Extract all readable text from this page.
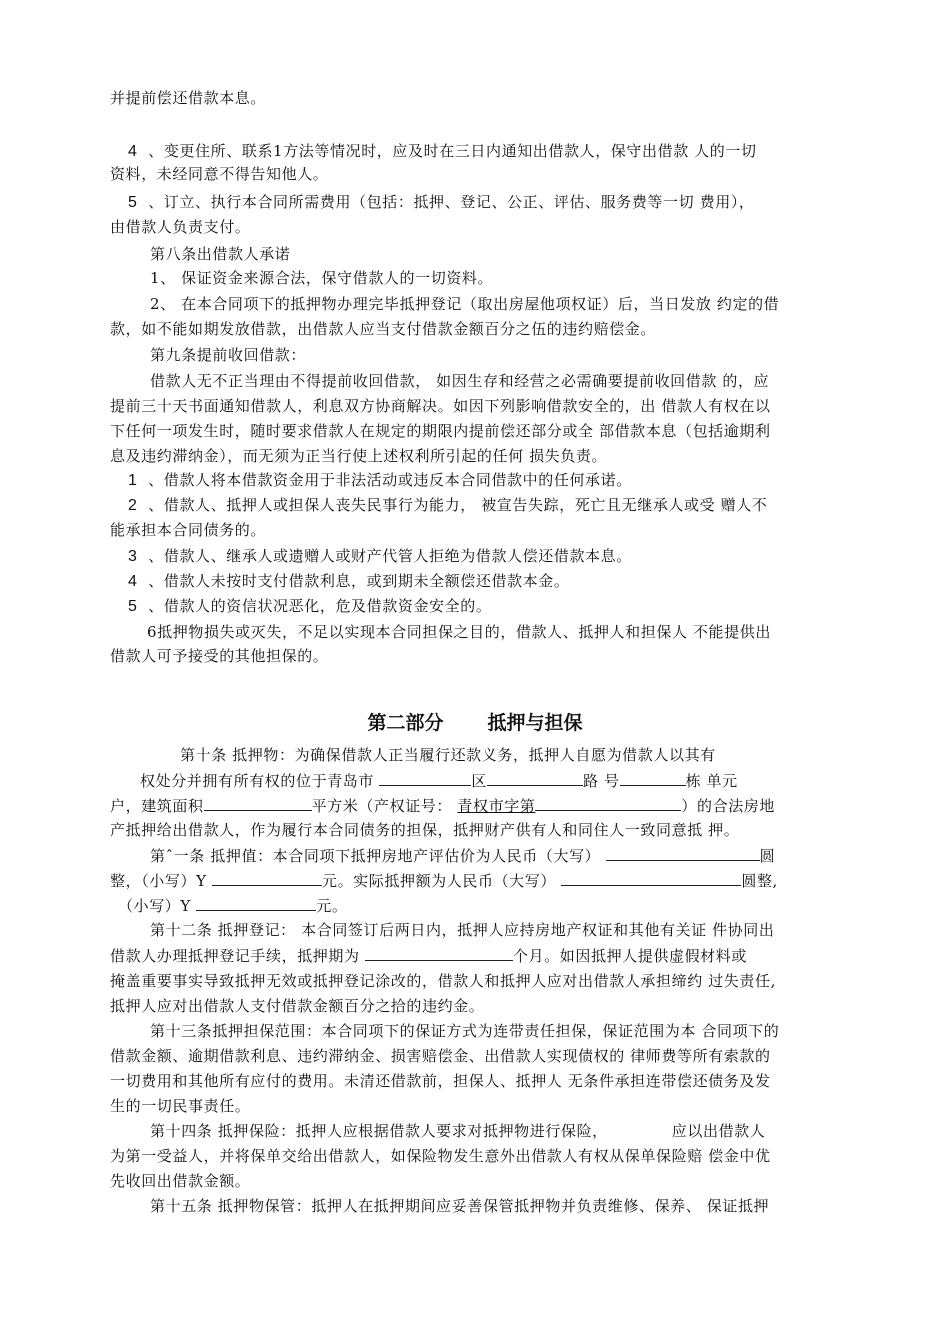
并提前偿还借款本息。
4 、变更住所、联系1方法等情况时，应及时在三日内通知出借款人，保守出借款 人的一切
资料，未经同意不得告知他人。
5 、订立、执行本合同所需费用（包括：抵押、登记、公正、评估、服务费等一切 费用），
由借款人负责支付。
第八条出借款人承诺
1、 保证资金来源合法，保守借款人的一切资料。
2、 在本合同项下的抵押物办理完毕抵押登记（取出房屋他项权证）后，当日发放 约定的借
款，如不能如期发放借款，出借款人应当支付借款金额百分之伍的违约赔偿金。
第九条提前收回借款：
借款人无不正当理由不得提前收回借款， 如因生存和经营之必需确要提前收回借款 的，应
提前三十天书面通知借款人，利息双方协商解决。如因下列影响借款安全的，出 借款人有权在以
下任何一项发生时，随时要求借款人在规定的期限内提前偿还部分或全 部借款本息（包括逾期利
息及违约滞纳金），而无须为正当行使上述权利所引起的任何 损失负责。
1 、借款人将本借款资金用于非法活动或违反本合同借款中的任何承诺。
2 、借款人、抵押人或担保人丧失民事行为能力， 被宣告失踪，死亡且无继承人或受 赠人不
能承担本合同债务的。
3 、借款人、继承人或遗赠人或财产代管人拒绝为借款人偿还借款本息。
4 、借款人未按时支付借款利息，或到期未全额偿还借款本金。
5 、借款人的资信状况恶化，危及借款资金安全的。
6抵押物损失或灭失，不足以实现本合同担保之目的，借款人、抵押人和担保人 不能提供出
借款人可予接受的其他担保的。
第二部分 抵押与担保
第十条 抵押物：为确保借款人正当履行还款义务，抵押人自愿为借款人以其有
权处分并拥有所有权的位于青岛市	区	路 号	栋 单元
户，建筑面积	平方米（产权证号： 青权市字第	）的合法房地
产抵押给出借款人，作为履行本合同债务的担保，抵押财产供有人和同住人一致同意抵 押。
第ˆ一条 抵押值：本合同项下抵押房地产评估价为人民币（大写）	圆
整，（小写）Y	元。实际抵押额为人民币（大写）	圆整,
（小写）Y	元。
第十二条 抵押登记： 本合同签订后两日内，抵押人应持房地产权证和其他有关证 件协同出
借款人办理抵押登记手续，抵押期为	个月。如因抵押人提供虚假材料或
掩盖重要事实导致抵押无效或抵押登记涂改的，借款人和抵押人应对出借款人承担缔约 过失责任,
抵押人应对出借款人支付借款金额百分之拾的违约金。
第十三条抵押担保范围：本合同项下的保证方式为连带责任担保，保证范围为本 合同项下的
借款金额、逾期借款利息、违约滞纳金、损害赔偿金、出借款人实现债权的 律师费等所有索款的
一切费用和其他所有应付的费用。未清还借款前，担保人、抵押人 无条件承担连带偿还债务及发
生的一切民事责任。
第十四条 抵押保险：抵押人应根据借款人要求对抵押物进行保险，	应以出借款人
为第一受益人，并将保单交给出借款人，如保险物发生意外出借款人有权从保单保险赔 偿金中优
先收回出借款金额。
第十五条 抵押物保管：抵押人在抵押期间应妥善保管抵押物并负责维修、保养、 保证抵押
